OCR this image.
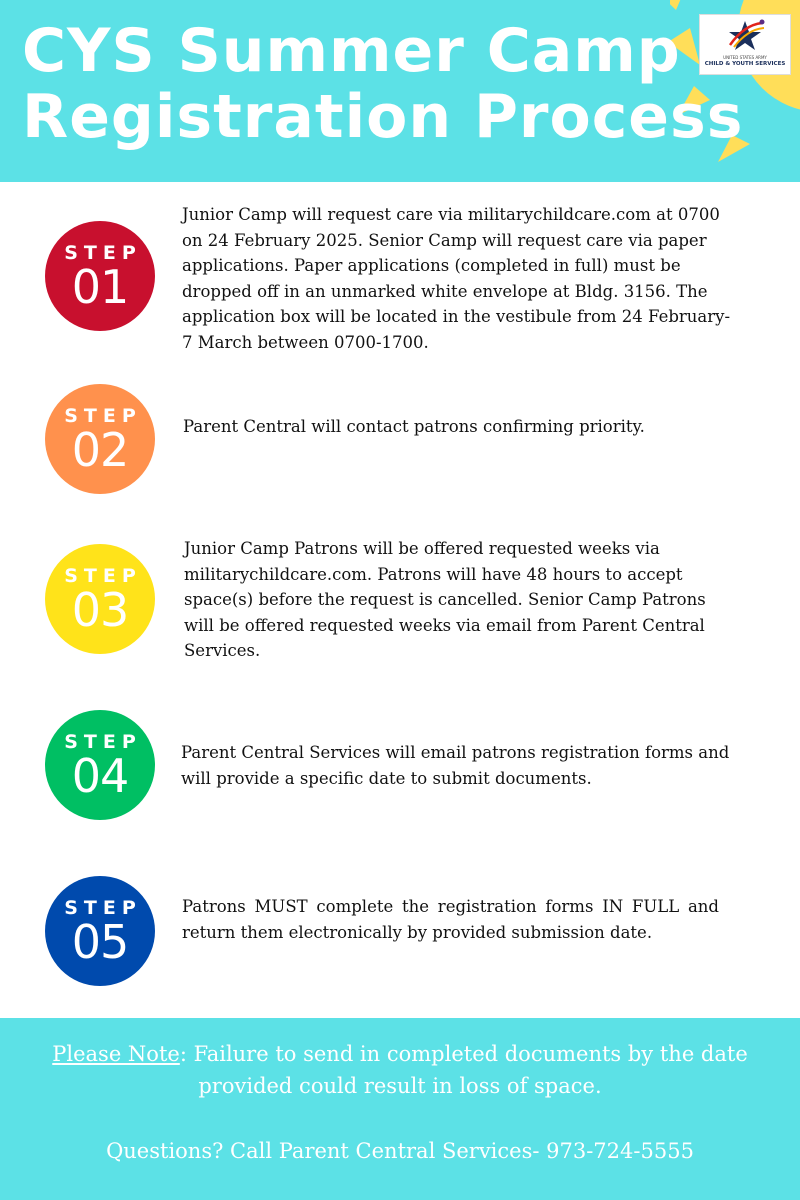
UNITED STATES ARMY
CHILD & YOUTH SERVICES
CYS Summer Camp
Registration Process
STEP
01

Junior Camp will request care via militarychildcare.com at 0700 on 24 February 2025. Senior Camp will request care via paper applications. Paper applications (completed in full) must be dropped off in an unmarked white envelope at Bldg. 3156. The application box will be located in the vestibule from 24 February-7 March between 0700-1700.

STEP
02	Parent Central will contact patrons confirming priority.

STEP
03

Junior Camp Patrons will be offered requested weeks via militarychildcare.com. Patrons will have 48 hours to accept space(s) before the request is cancelled. Senior Camp Patrons will be offered requested weeks via email from Parent Central Services.

STEP
04	Parent Central Services will email patrons registration forms and will provide a specific date to submit documents.

STEP
05

Patrons MUST complete the registration forms IN FULL and return them electronically by provided submission date.

Please Note: Failure to send in completed documents by the date provided could result in loss of space.

Questions? Call Parent Central Services- 973-724-5555
